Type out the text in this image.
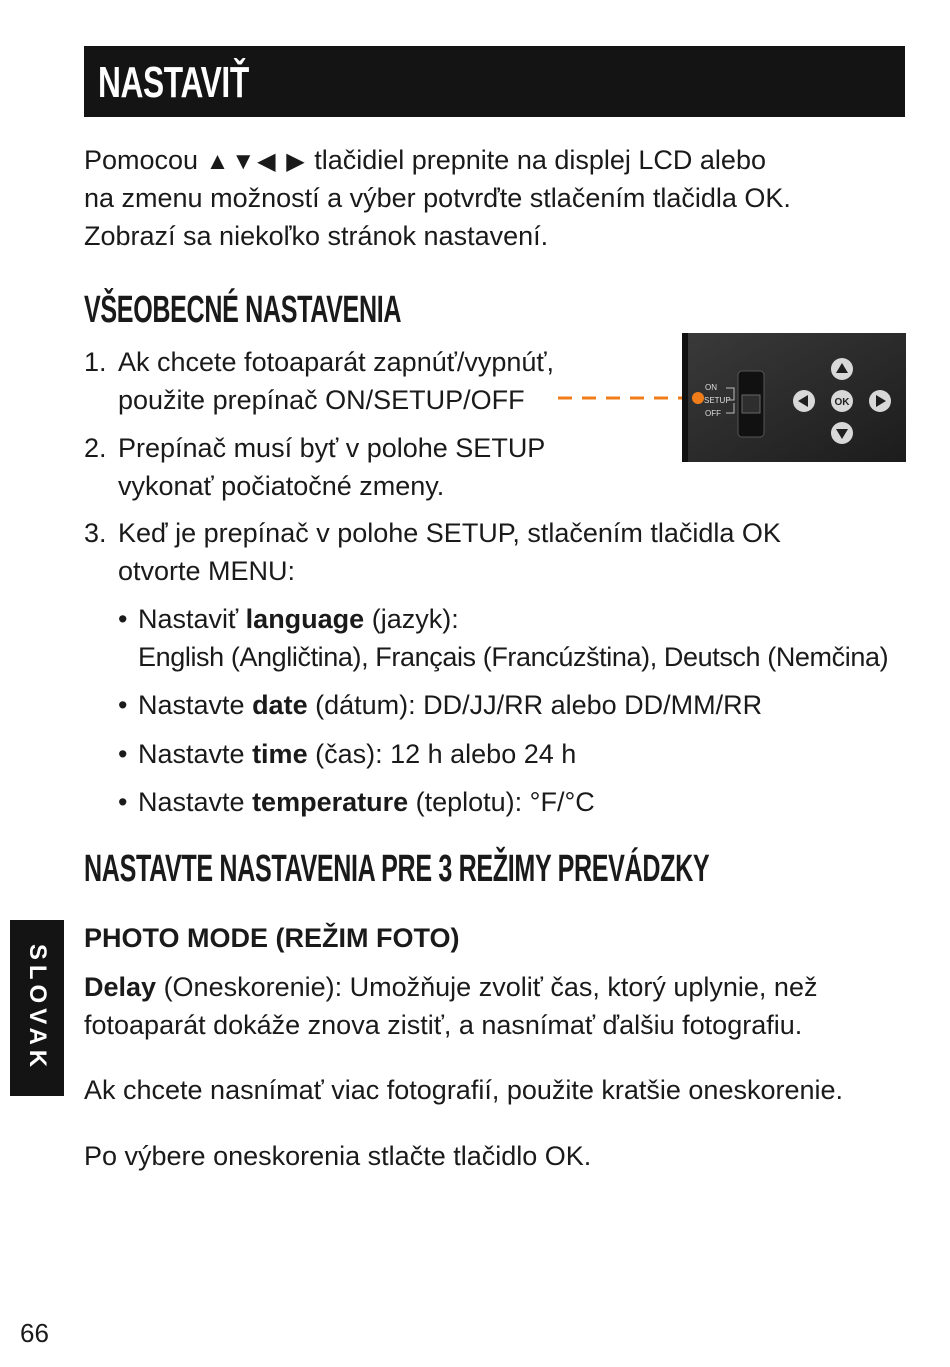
NASTAVIŤ
Pomocou ▲▼◀ ▶ tlačidiel prepnite na displej LCD alebo
na zmenu možností a výber potvrďte stlačením tlačidla OK.
Zobrazí sa niekoľko stránok nastavení.
VŠEOBECNÉ NASTAVENIA
1. Ak chcete fotoaparát zapnúť/vypnúť,
použite prepínač ON/SETUP/OFF
2. Prepínač musí byť v polohe SETUP
vykonať počiatočné zmeny.
3. Keď je prepínač v polohe SETUP, stlačením tlačidla OK
otvorte MENU:
ON
SETUP
OFF
OK
• Nastaviť language (jazyk):
English (Angličtina), Français (Francúzština), Deutsch (Nemčina)
• Nastavte date (dátum): DD/JJ/RR alebo DD/MM/RR
• Nastavte time (čas): 12 h alebo 24 h
• Nastavte temperature (teplotu): °F/°C
NASTAVTE NASTAVENIA PRE 3 REŽIMY PREVÁDZKY
PHOTO MODE (REŽIM FOTO)
Delay (Oneskorenie): Umožňuje zvoliť čas, ktorý uplynie, než
fotoaparát dokáže znova zistiť, a nasnímať ďalšiu fotografiu.
Ak chcete nasnímať viac fotografií, použite kratšie oneskorenie.
Po výbere oneskorenia stlačte tlačidlo OK.
SLOVAK
66
